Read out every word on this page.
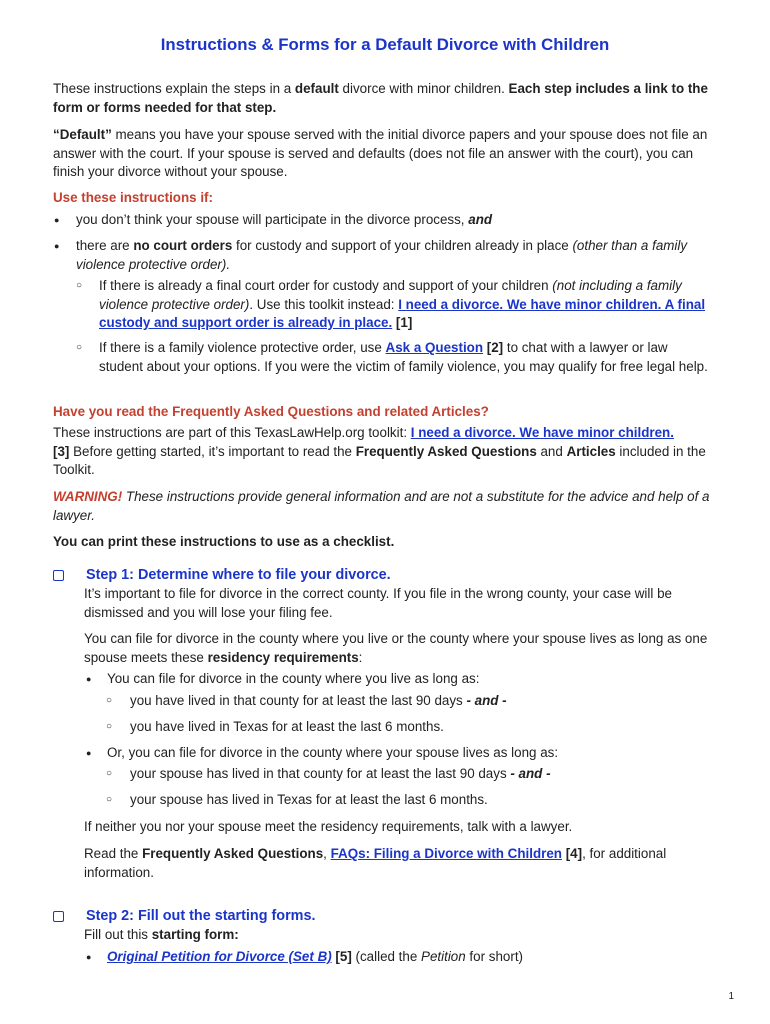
Instructions & Forms for a Default Divorce with Children

These instructions explain the steps in a default divorce with minor children. Each step includes a link to the form or forms needed for that step.

“Default” means you have your spouse served with the initial divorce papers and your spouse does not file an answer with the court. If your spouse is served and defaults (does not file an answer with the court), you can finish your divorce without your spouse.

Use these instructions if:
● you don’t think your spouse will participate in the divorce process, and

● there are no court orders for custody and support of your children already in place (other than a family violence protective order).

○ If there is already a final court order for custody and support of your children (not including a family violence protective order). Use this toolkit instead: I need a divorce. We have minor children. A final custody and support order is already in place. [1]

○ If there is a family violence protective order, use Ask a Question [2] to chat with a lawyer or law student about your options. If you were the victim of family violence, you may qualify for free legal help.

Have you read the Frequently Asked Questions and related Articles?

These instructions are part of this TexasLawHelp.org toolkit: I need a divorce. We have minor children.
[3] Before getting started, it’s important to read the Frequently Asked Questions and Articles included in the Toolkit.

WARNING! These instructions provide general information and are not a substitute for the advice and help of a lawyer.

You can print these instructions to use as a checklist.

Step 1: Determine where to file your divorce.

It’s important to file for divorce in the correct county. If you file in the wrong county, your case will be dismissed and you will lose your filing fee.

You can file for divorce in the county where you live or the county where your spouse lives as long as one spouse meets these residency requirements:

● You can file for divorce in the county where you live as long as:

○ you have lived in that county for at least the last 90 days - and -

○ you have lived in Texas for at least the last 6 months.

● Or, you can file for divorce in the county where your spouse lives as long as:

○ your spouse has lived in that county for at least the last 90 days - and -

○ your spouse has lived in Texas for at least the last 6 months.

If neither you nor your spouse meet the residency requirements, talk with a lawyer.

Read the Frequently Asked Questions, FAQs: Filing a Divorce with Children [4], for additional information.

Step 2: Fill out the starting forms.

Fill out this starting form:

● Original Petition for Divorce (Set B) [5] (called the Petition for short)

1
